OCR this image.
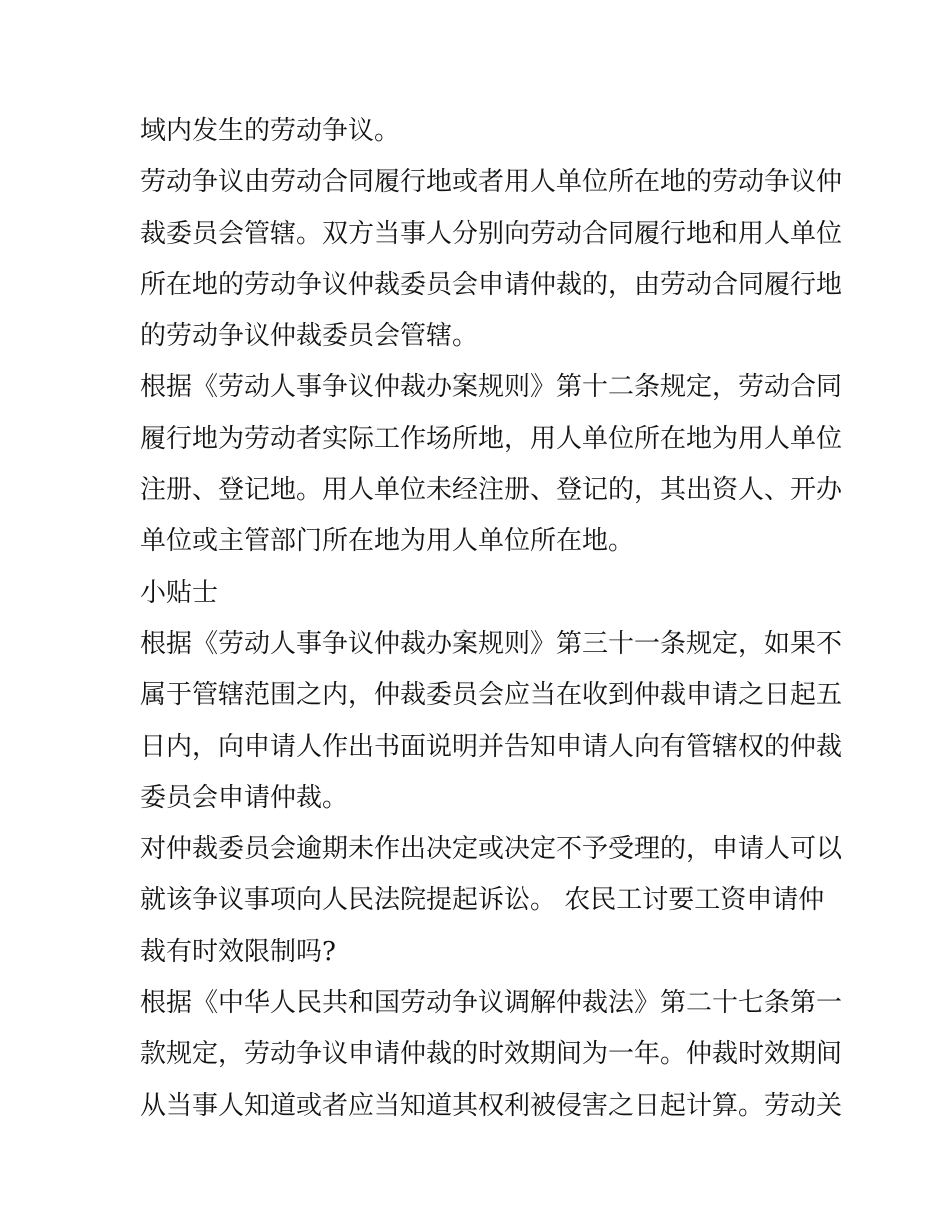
域内发生的劳动争议。
劳动争议由劳动合同履行地或者用人单位所在地的劳动争议仲
裁委员会管辖。双方当事人分别向劳动合同履行地和用人单位
所在地的劳动争议仲裁委员会申请仲裁的，由劳动合同履行地
的劳动争议仲裁委员会管辖。
根据《劳动人事争议仲裁办案规则》第十二条规定，劳动合同
履行地为劳动者实际工作场所地，用人单位所在地为用人单位
注册、登记地。用人单位未经注册、登记的，其出资人、开办
单位或主管部门所在地为用人单位所在地。
小贴士
根据《劳动人事争议仲裁办案规则》第三十一条规定，如果不
属于管辖范围之内，仲裁委员会应当在收到仲裁申请之日起五
日内，向申请人作出书面说明并告知申请人向有管辖权的仲裁
委员会申请仲裁。
对仲裁委员会逾期未作出决定或决定不予受理的，申请人可以
就该争议事项向人民法院提起诉讼。 农民工讨要工资申请仲
裁有时效限制吗?
根据《中华人民共和国劳动争议调解仲裁法》第二十七条第一
款规定，劳动争议申请仲裁的时效期间为一年。仲裁时效期间
从当事人知道或者应当知道其权利被侵害之日起计算。劳动关
